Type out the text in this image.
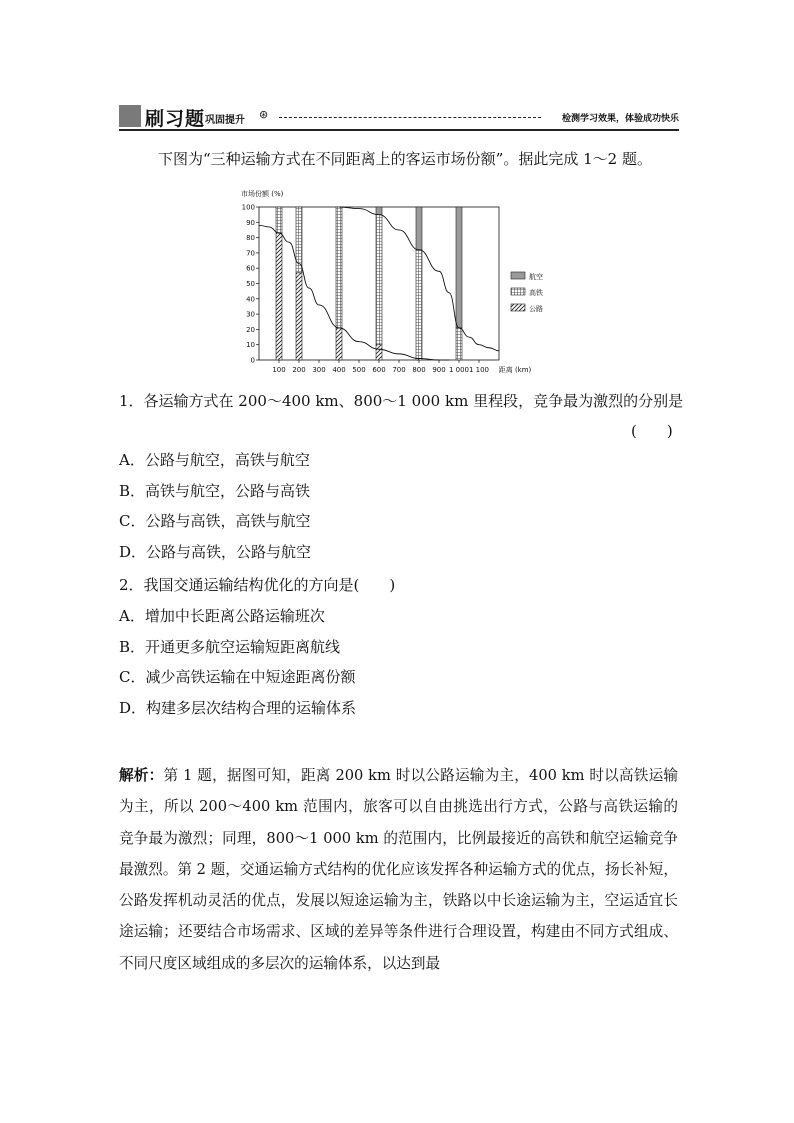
刷习题 巩固提升 ⊛	检测学习效果，体验成功快乐
下图为“三种运输方式在不同距离上的客运市场份额”。据此完成 1～2 题。
0
10
20
30
40
50
60
70
80
90
100
100 200 300 400 500 600 700 800 900 1 000 1 100
市场份额 (%)
距离 (km)
航空
高铁
公路
1．各运输方式在 200～400 km、800～1 000 km 里程段，竞争最为激烈的分别是
A．公路与航空，高铁与航空
B．高铁与航空，公路与高铁
C．公路与高铁，高铁与航空
D．公路与高铁，公路与航空
2．我国交通运输结构优化的方向是(　　)
A．增加中长距离公路运输班次
B．开通更多航空运输短距离航线
C．减少高铁运输在中短途距离份额
D．构建多层次结构合理的运输体系
(　　)
解析：第 1 题，据图可知，距离 200 km 时以公路运输为主，400 km 时以高铁运输为主，所以 200～400 km 范围内，旅客可以自由挑选出行方式，公路与高铁运输的竞争最为激烈；同理，800～1 000 km 的范围内，比例最接近的高铁和航空运输竞争最激烈。第 2 题，交通运输方式结构的优化应该发挥各种运输方式的优点，扬长补短，公路发挥机动灵活的优点，发展以短途运输为主，铁路以中长途运输为主，空运适宜长途运输；还要结合市场需求、区域的差异等条件进行合理设置，构建由不同方式组成、不同尺度区域组成的多层次的运输体系，以达到最
